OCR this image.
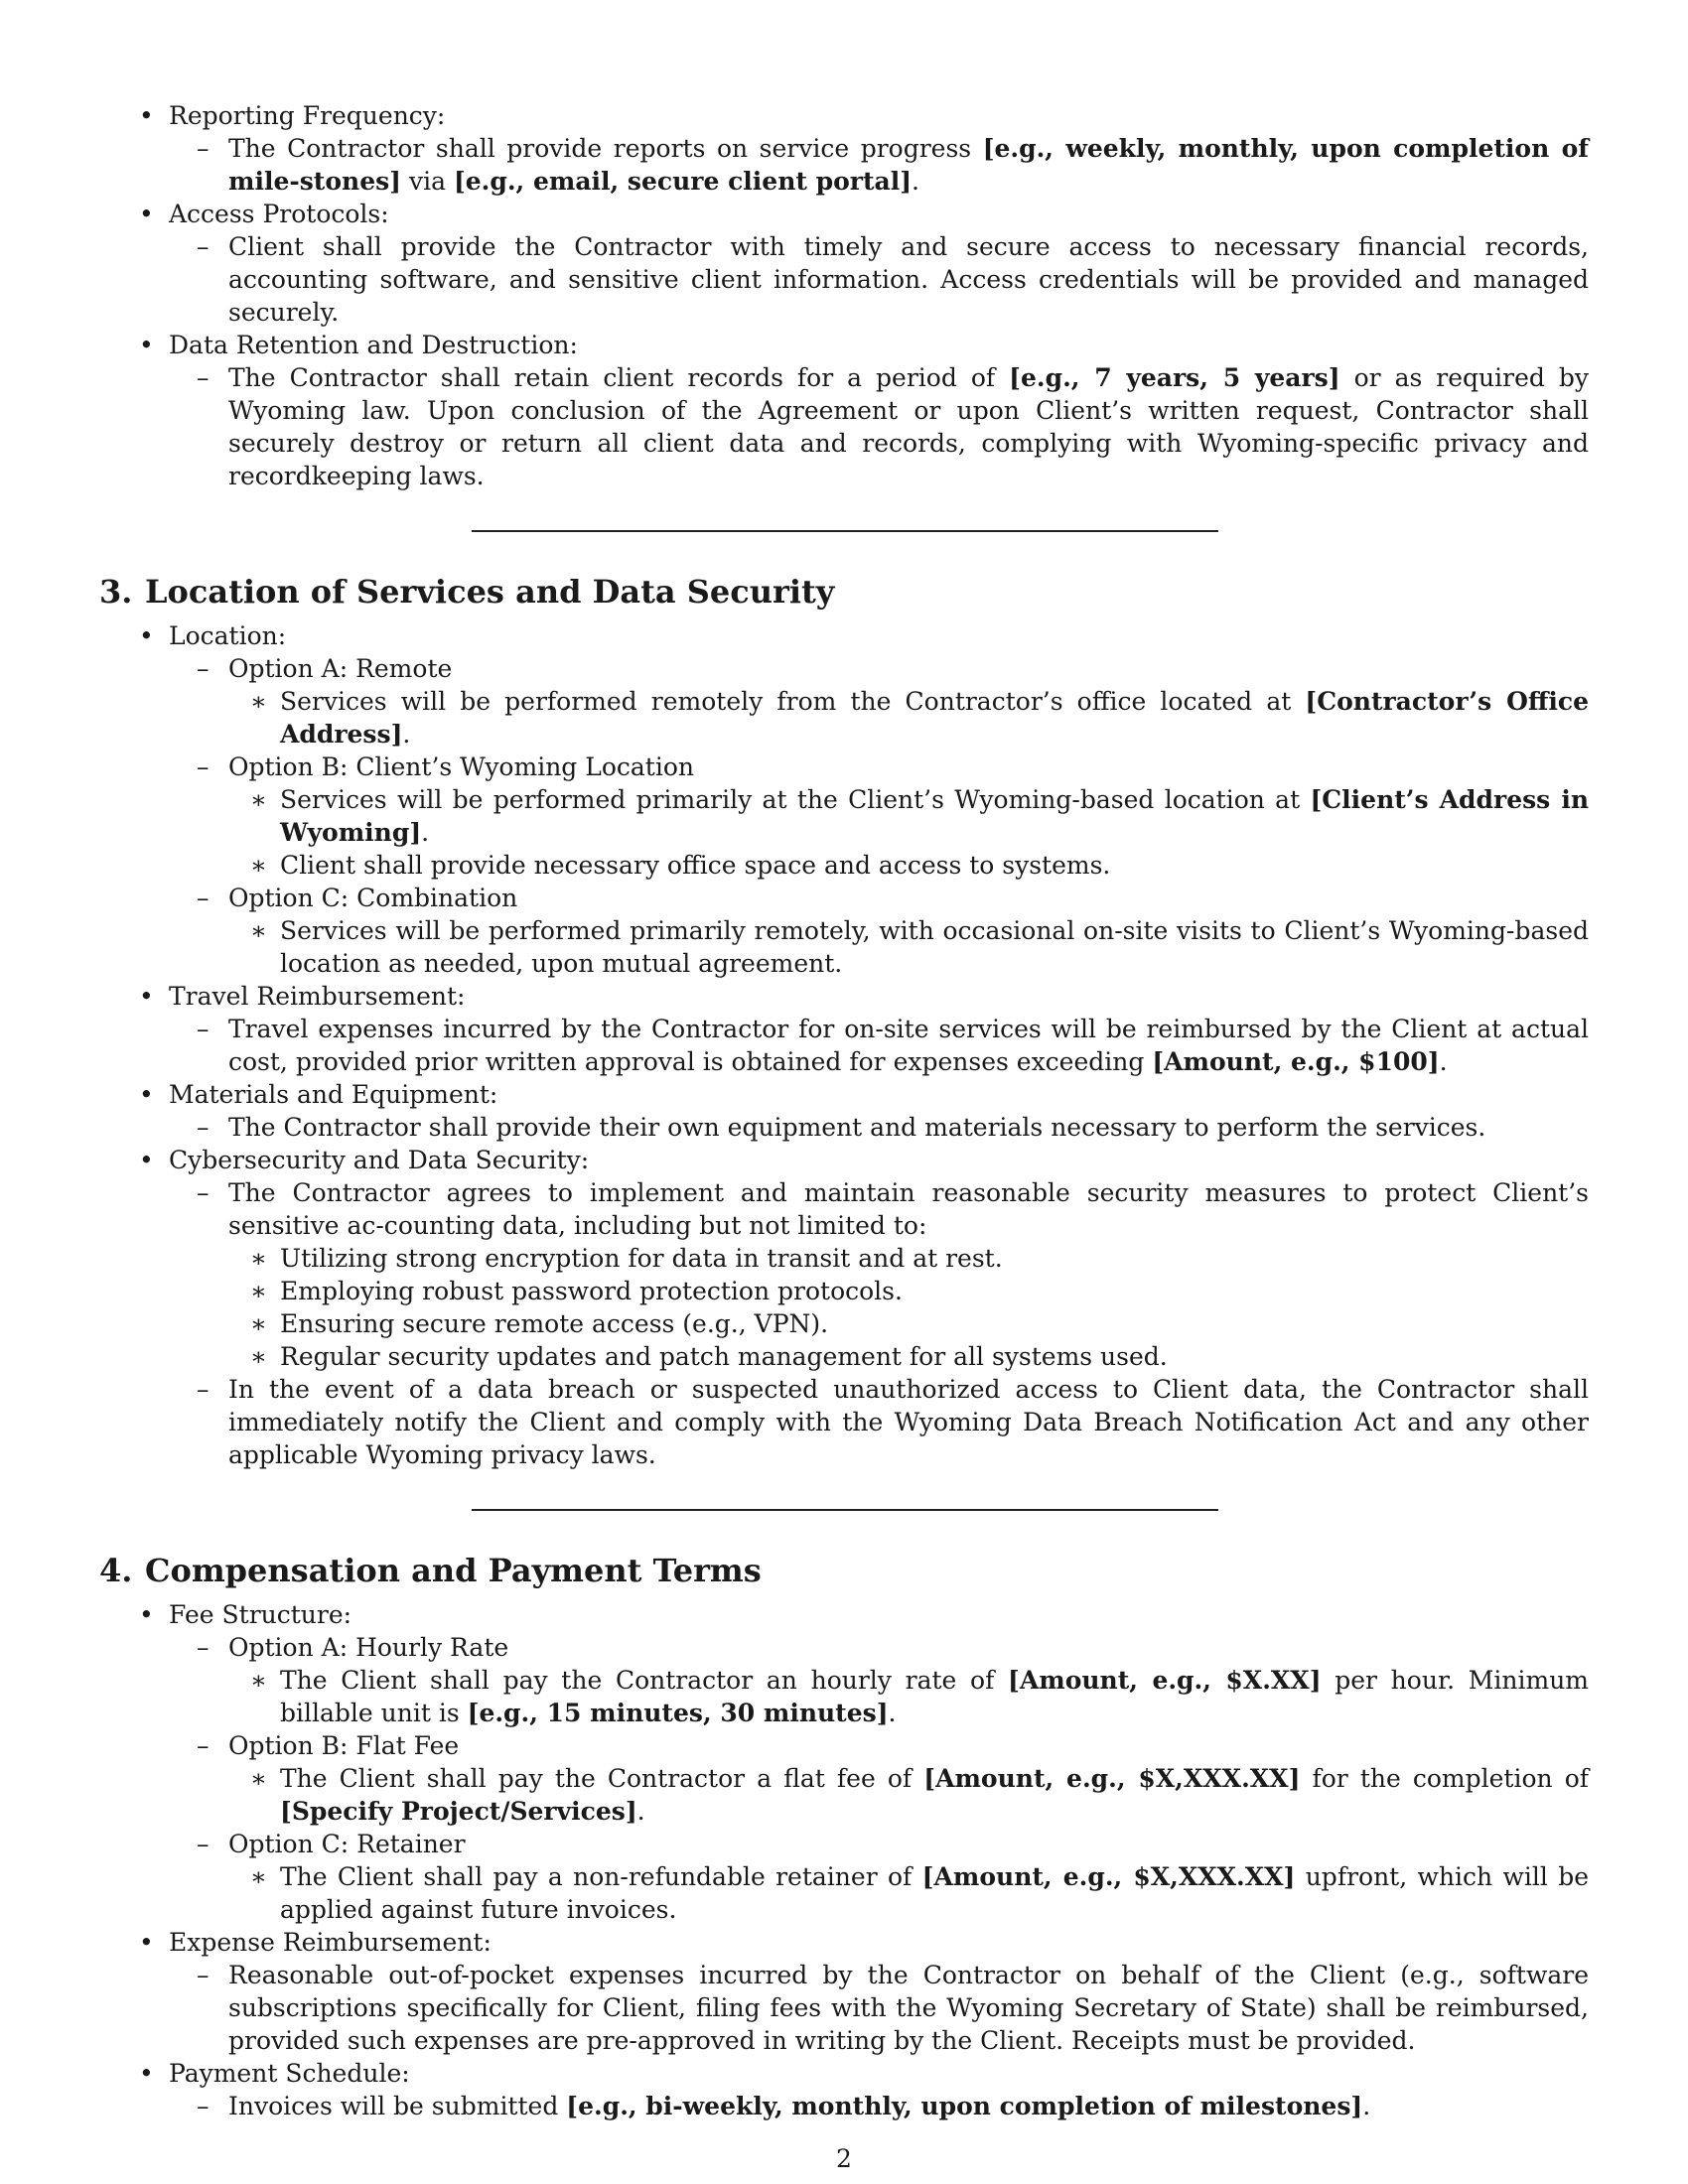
• Reporting Frequency:

– The Contractor shall provide reports on service progress [e.g., weekly, monthly, upon completion of mile-stones] via [e.g., email, secure client portal].

• Access Protocols:

– Client shall provide the Contractor with timely and secure access to necessary financial records, accounting software, and sensitive client information. Access credentials will be provided and managed securely.

• Data Retention and Destruction:

– The Contractor shall retain client records for a period of [e.g., 7 years, 5 years] or as required by Wyoming law. Upon conclusion of the Agreement or upon Client’s written request, Contractor shall securely destroy or return all client data and records, complying with Wyoming-specific privacy and recordkeeping laws.

3. Location of Services and Data Security
• Location:
– Option A: Remote

∗ Services will be performed remotely from the Contractor’s office located at [Contractor’s Office Address].

– Option B: Client’s Wyoming Location

∗ Services will be performed primarily at the Client’s Wyoming-based location at [Client’s Address in Wyoming].

∗ Client shall provide necessary office space and access to systems.

– Option C: Combination

∗ Services will be performed primarily remotely, with occasional on-site visits to Client’s Wyoming-based location as needed, upon mutual agreement.

• Travel Reimbursement:

– Travel expenses incurred by the Contractor for on-site services will be reimbursed by the Client at actual cost, provided prior written approval is obtained for expenses exceeding [Amount, e.g., $100].

• Materials and Equipment:

– The Contractor shall provide their own equipment and materials necessary to perform the services.

• Cybersecurity and Data Security:

– The Contractor agrees to implement and maintain reasonable security measures to protect Client’s sensitive ac-counting data, including but not limited to:

∗ Utilizing strong encryption for data in transit and at rest.

∗ Employing robust password protection protocols.

∗ Ensuring secure remote access (e.g., VPN).

∗ Regular security updates and patch management for all systems used.

– In the event of a data breach or suspected unauthorized access to Client data, the Contractor shall immediately notify the Client and comply with the Wyoming Data Breach Notification Act and any other applicable Wyoming privacy laws.

4. Compensation and Payment Terms
• Fee Structure:
– Option A: Hourly Rate

∗ The Client shall pay the Contractor an hourly rate of [Amount, e.g., $X.XX] per hour. Minimum billable unit is [e.g., 15 minutes, 30 minutes].

– Option B: Flat Fee

∗ The Client shall pay the Contractor a flat fee of [Amount, e.g., $X,XXX.XX] for the completion of [Specify Project/Services].

– Option C: Retainer

∗ The Client shall pay a non-refundable retainer of [Amount, e.g., $X,XXX.XX] upfront, which will be applied against future invoices.

• Expense Reimbursement:

– Reasonable out-of-pocket expenses incurred by the Contractor on behalf of the Client (e.g., software subscriptions specifically for Client, filing fees with the Wyoming Secretary of State) shall be reimbursed, provided such expenses are pre-approved in writing by the Client. Receipts must be provided.

• Payment Schedule:

– Invoices will be submitted [e.g., bi-weekly, monthly, upon completion of milestones].

2
